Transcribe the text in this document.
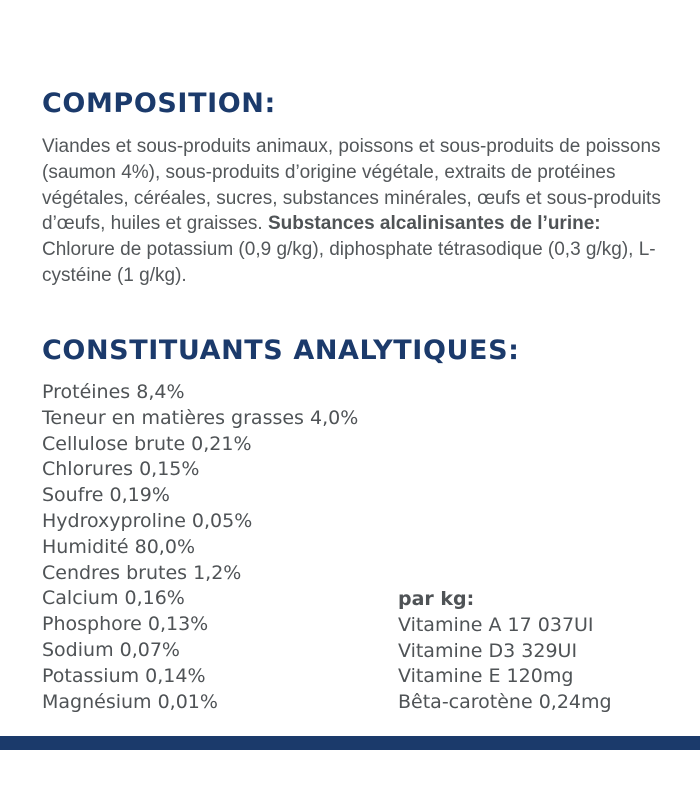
COMPOSITION:

Viandes et sous-produits animaux, poissons et sous-produits de poissons (saumon 4%), sous-produits d’origine végétale, extraits de protéines végétales, céréales, sucres, substances minérales, œufs et sous-produits d’œufs, huiles et graisses. Substances alcalinisantes de l’urine: Chlorure de potassium (0,9 g/kg), diphosphate tétrasodique (0,3 g/kg), L-cystéine (1 g/kg).

CONSTITUANTS ANALYTIQUES:
Protéines 8,4%
Teneur en matières grasses 4,0%
Cellulose brute 0,21%
Chlorures 0,15%
Soufre 0,19%
Hydroxyproline 0,05%
Humidité 80,0%
Cendres brutes 1,2%
Calcium 0,16%
Phosphore 0,13%
Sodium 0,07%
Potassium 0,14%
Magnésium 0,01%
par kg:
Vitamine A 17 037UI
Vitamine D3 329UI
Vitamine E 120mg
Bêta-carotène 0,24mg
